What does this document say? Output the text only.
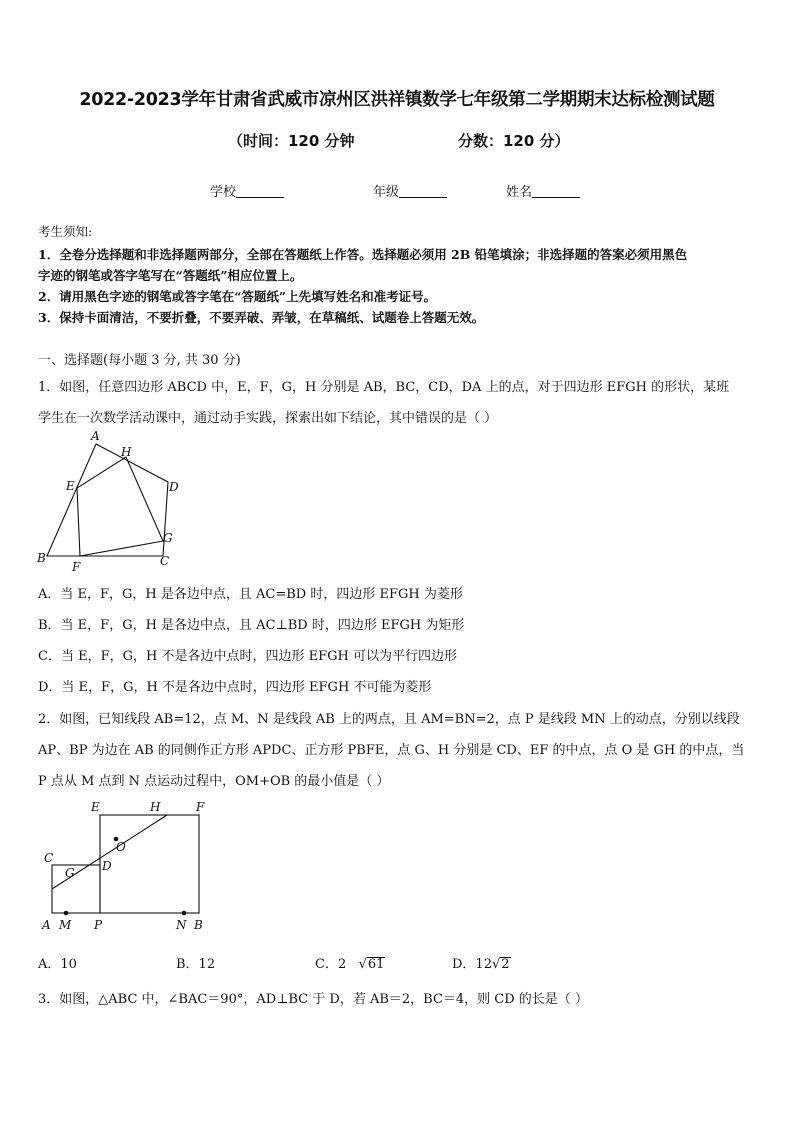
2022-2023学年甘肃省武威市凉州区洪祥镇数学七年级第二学期期末达标检测试题
（时间：120 分钟	分数：120 分）
学校	年级	姓名
考生须知:
1．全卷分选择题和非选择题两部分，全部在答题纸上作答。选择题必须用 2B 铅笔填涂；非选择题的答案必须用黑色
字迹的钢笔或答字笔写在“答题纸”相应位置上。
2．请用黑色字迹的钢笔或答字笔在“答题纸”上先填写姓名和准考证号。
3．保持卡面清洁，不要折叠，不要弄破、弄皱，在草稿纸、试题卷上答题无效。
一、选择题(每小题 3 分, 共 30 分)
1．如图，任意四边形 ABCD 中，E，F，G，H 分别是 AB，BC，CD，DA 上的点，对于四边形 EFGH 的形状，某班
学生在一次数学活动课中，通过动手实践，探索出如下结论，其中错误的是（ ）
A
H
E	D
G
B
F	C
A．当 E，F，G，H 是各边中点，且 AC=BD 时，四边形 EFGH 为菱形
B．当 E，F，G，H 是各边中点，且 AC⊥BD 时，四边形 EFGH 为矩形
C．当 E，F，G，H 不是各边中点时，四边形 EFGH 可以为平行四边形
D．当 E，F，G，H 不是各边中点时，四边形 EFGH 不可能为菱形
2．如图，已知线段 AB=12，点 M、N 是线段 AB 上的两点，且 AM=BN=2，点 P 是线段 MN 上的动点，分别以线段
AP、BP 为边在 AB 的同侧作正方形 APDC、正方形 PBFE，点 G、H 分别是 CD、EF 的中点，点 O 是 GH 的中点，当
P 点从 M 点到 N 点运动过程中，OM+OB 的最小值是（ ）
E	H	F
O
C
G D
A M P	N B
A．10	B．12	C．2   √61	D．12√2
3．如图，△ABC 中，∠BAC＝90°，AD⊥BC 于 D，若 AB＝2，BC＝4，则 CD 的长是（ ）
